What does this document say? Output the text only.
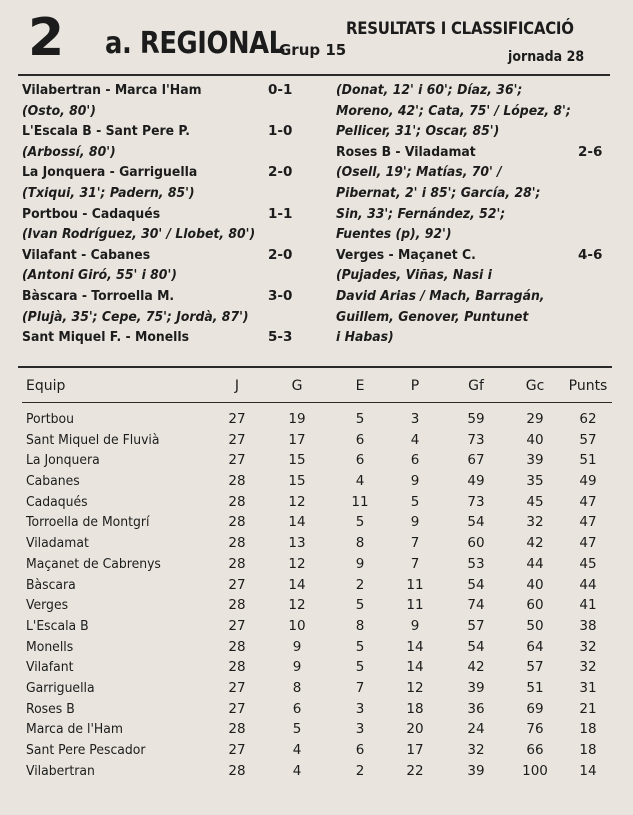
2 a. REGIONAL
Grup 15
RESULTATS I CLASSIFICACIÓ
jornada 28
Vilabertran - Marca l'Ham	0-1
(Osto, 80')
L'Escala B - Sant Pere P.	1-0
(Arbossí, 80')
La Jonquera - Garriguella	2-0
(Txiqui, 31'; Padern, 85')
Portbou - Cadaqués	1-1
(Ivan Rodríguez, 30' / Llobet, 80')
Vilafant - Cabanes	2-0
(Antoni Giró, 55' i 80')
Bàscara - Torroella M.	3-0
(Plujà, 35'; Cepe, 75'; Jordà, 87')
Sant Miquel F. - Monells	5-3
(Donat, 12' i 60'; Díaz, 36';
Moreno, 42'; Cata, 75' / López, 8';
Pellicer, 31'; Oscar, 85')
Roses B - Viladamat	2-6
(Osell, 19'; Matías, 70' /
Pibernat, 2' i 85'; García, 28';
Sin, 33'; Fernández, 52';
Fuentes (p), 92')
Verges - Maçanet C.	4-6
(Pujades, Viñas, Nasi i
David Arias / Mach, Barragán,
Guillem, Genover, Puntunet
i Habas)
Equip	J	G	E	P	Gf	Gc	Punts
Portbou	27	19	5	3	59	29	62
Sant Miquel de Fluvià	27	17	6	4	73	40	57
La Jonquera	27	15	6	6	67	39	51
Cabanes	28	15	4	9	49	35	49
Cadaqués	28	12	11	5	73	45	47
Torroella de Montgrí	28	14	5	9	54	32	47
Viladamat	28	13	8	7	60	42	47
Maçanet de Cabrenys	28	12	9	7	53	44	45
Bàscara	27	14	2	11	54	40	44
Verges	28	12	5	11	74	60	41
L'Escala B	27	10	8	9	57	50	38
Monells	28	9	5	14	54	64	32
Vilafant	28	9	5	14	42	57	32
Garriguella	27	8	7	12	39	51	31
Roses B	27	6	3	18	36	69	21
Marca de l'Ham	28	5	3	20	24	76	18
Sant Pere Pescador	27	4	6	17	32	66	18
Vilabertran	28	4	2	22	39	100	14
